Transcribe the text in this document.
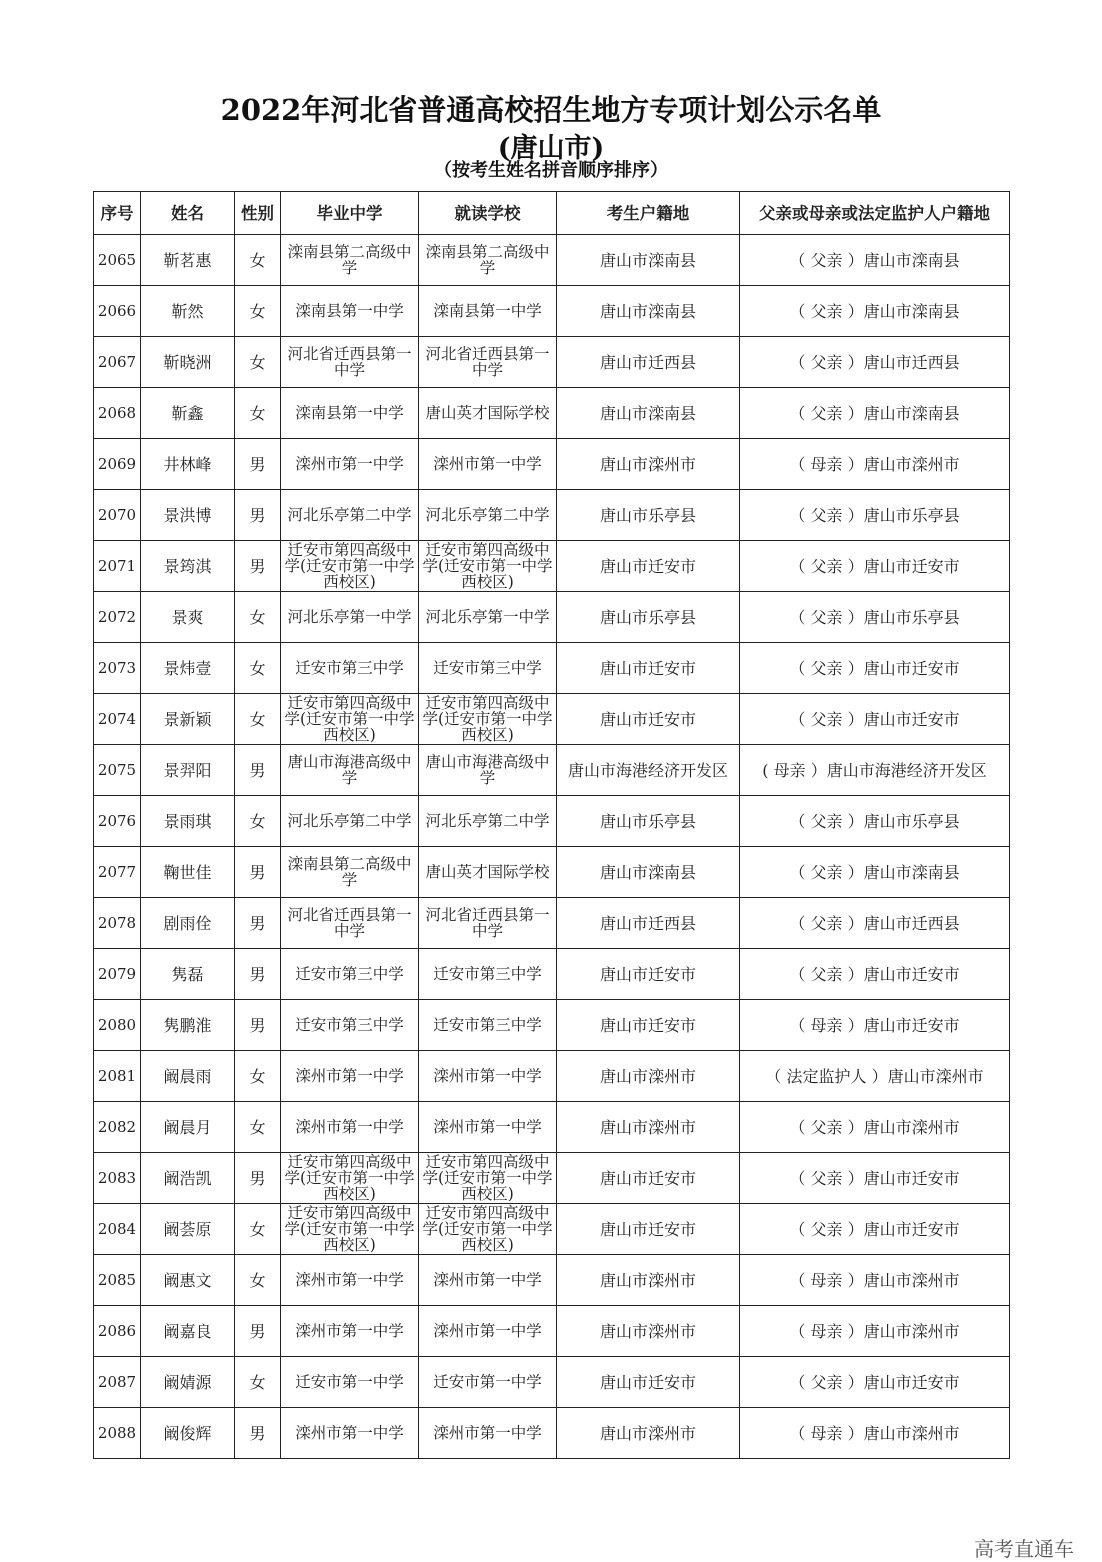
2022年河北省普通高校招生地方专项计划公示名单
(唐山市)
（按考生姓名拼音顺序排序）
序号	姓名	性别	毕业中学	就读学校	考生户籍地	父亲或母亲或法定监护人户籍地
2065	靳茗惠	女	滦南县第二高级中学	滦南县第二高级中学	唐山市滦南县	（ 父亲 ）唐山市滦南县
2066	靳然	女	滦南县第一中学	滦南县第一中学	唐山市滦南县	（ 父亲 ）唐山市滦南县
2067	靳晓洲	女	河北省迁西县第一中学	河北省迁西县第一中学	唐山市迁西县	（ 父亲 ）唐山市迁西县
2068	靳鑫	女	滦南县第一中学	唐山英才国际学校	唐山市滦南县	（ 父亲 ）唐山市滦南县
2069	井林峰	男	滦州市第一中学	滦州市第一中学	唐山市滦州市	（ 母亲 ）唐山市滦州市
2070	景洪博	男	河北乐亭第二中学	河北乐亭第二中学	唐山市乐亭县	（ 父亲 ）唐山市乐亭县
2071	景筠淇	男	迁安市第四高级中学(迁安市第一中学西校区)	迁安市第四高级中学(迁安市第一中学西校区)	唐山市迁安市	（ 父亲 ）唐山市迁安市
2072	景爽	女	河北乐亭第一中学	河北乐亭第一中学	唐山市乐亭县	（ 父亲 ）唐山市乐亭县
2073	景炜壹	女	迁安市第三中学	迁安市第三中学	唐山市迁安市	（ 父亲 ）唐山市迁安市
2074	景新颖	女	迁安市第四高级中学(迁安市第一中学西校区)	迁安市第四高级中学(迁安市第一中学西校区)	唐山市迁安市	（ 父亲 ）唐山市迁安市
2075	景羿阳	男	唐山市海港高级中学	唐山市海港高级中学	唐山市海港经济开发区	( 母亲 ）唐山市海港经济开发区
2076	景雨琪	女	河北乐亭第二中学	河北乐亭第二中学	唐山市乐亭县	（ 父亲 ）唐山市乐亭县
2077	鞠世佳	男	滦南县第二高级中学	唐山英才国际学校	唐山市滦南县	（ 父亲 ）唐山市滦南县
2078	剧雨佺	男	河北省迁西县第一中学	河北省迁西县第一中学	唐山市迁西县	（ 父亲 ）唐山市迁西县
2079	隽磊	男	迁安市第三中学	迁安市第三中学	唐山市迁安市	（ 父亲 ）唐山市迁安市
2080	隽鹏淮	男	迁安市第三中学	迁安市第三中学	唐山市迁安市	（ 母亲 ）唐山市迁安市
2081	阚晨雨	女	滦州市第一中学	滦州市第一中学	唐山市滦州市	（ 法定监护人 ）唐山市滦州市
2082	阚晨月	女	滦州市第一中学	滦州市第一中学	唐山市滦州市	（ 父亲 ）唐山市滦州市
2083	阚浩凯	男	迁安市第四高级中学(迁安市第一中学西校区)	迁安市第四高级中学(迁安市第一中学西校区)	唐山市迁安市	（ 父亲 ）唐山市迁安市
2084	阚荟原	女	迁安市第四高级中学(迁安市第一中学西校区)	迁安市第四高级中学(迁安市第一中学西校区)	唐山市迁安市	（ 父亲 ）唐山市迁安市
2085	阚惠文	女	滦州市第一中学	滦州市第一中学	唐山市滦州市	（ 母亲 ）唐山市滦州市
2086	阚嘉良	男	滦州市第一中学	滦州市第一中学	唐山市滦州市	（ 母亲 ）唐山市滦州市
2087	阚婧源	女	迁安市第一中学	迁安市第一中学	唐山市迁安市	（ 父亲 ）唐山市迁安市
2088	阚俊辉	男	滦州市第一中学	滦州市第一中学	唐山市滦州市	（ 母亲 ）唐山市滦州市
高考直通车
